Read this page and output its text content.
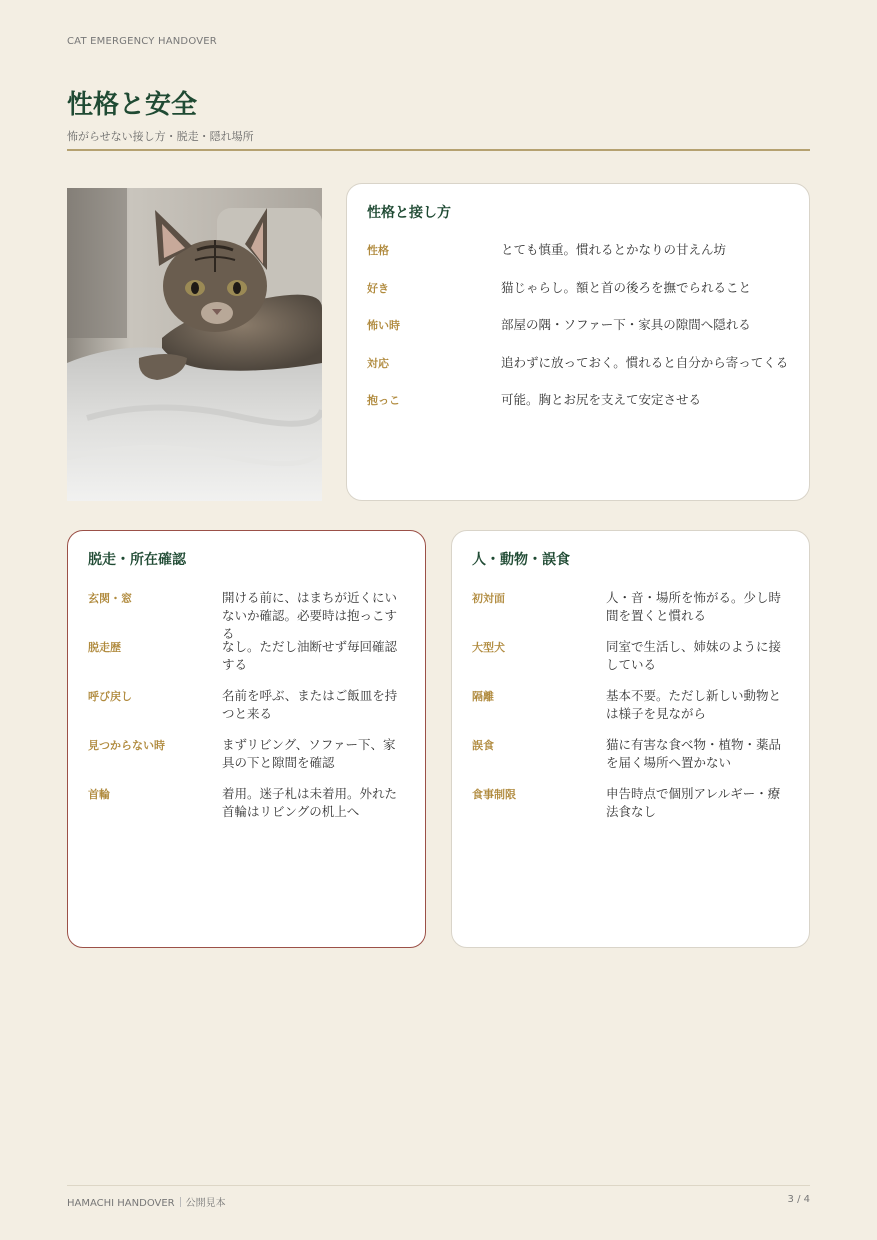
CAT EMERGENCY HANDOVER
性格と安全
怖がらせない接し方・脱走・隠れ場所
性格と接し方
性格	とても慎重。慣れるとかなりの甘えん坊
好き	猫じゃらし。額と首の後ろを撫でられること
怖い時	部屋の隅・ソファー下・家具の隙間へ隠れる
対応	追わずに放っておく。慣れると自分から寄ってくる
抱っこ	可能。胸とお尻を支えて安定させる
脱走・所在確認
玄関・窓	開ける前に、はまちが近くにいないか確認。必要時は抱っこする
脱走歴	なし。ただし油断せず毎回確認する
呼び戻し	名前を呼ぶ、またはご飯皿を持つと来る
見つからない時	まずリビング、ソファー下、家具の下と隙間を確認
首輪	着用。迷子札は未着用。外れた首輪はリビングの机上へ
人・動物・誤食
初対面	人・音・場所を怖がる。少し時間を置くと慣れる
大型犬	同室で生活し、姉妹のように接している
隔離	基本不要。ただし新しい動物とは様子を見ながら
誤食	猫に有害な食べ物・植物・薬品を届く場所へ置かない
食事制限	申告時点で個別アレルギー・療法食なし
HAMACHI HANDOVER 公開見本	3 / 4
